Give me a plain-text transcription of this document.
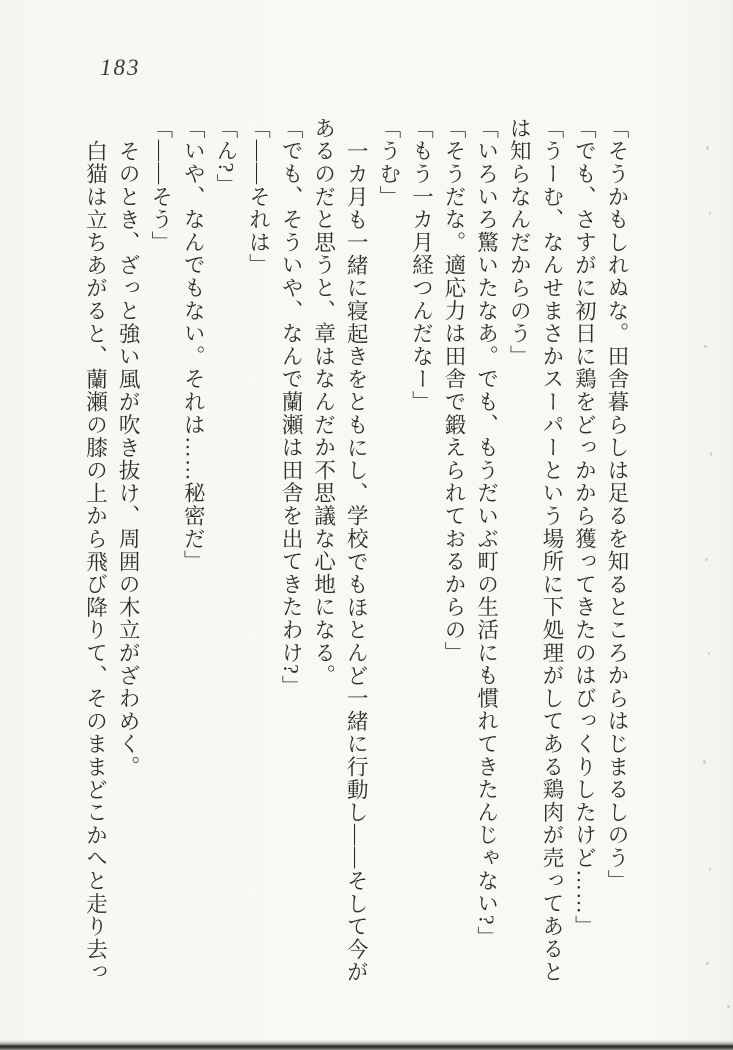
183

「そうかもしれぬな。田舎暮らしは足るを知るところからはじまるしのう」

「でも、さすがに初日に鶏をどっかから獲ってきたのはびっくりしたけど……」

「うーむ、なんせまさかスーパーという場所に下処理がしてある鶏肉が売ってあると

は知らなんだからのう」

「いろいろ驚いたなあ。でも、もうだいぶ町の生活にも慣れてきたんじゃない?」

「そうだな。適応力は田舎で鍛えられておるからの」

「もう一カ月経つんだなー」

「うむ」

一カ月も一緒に寝起きをともにし、学校でもほとんど一緒に行動し——そして今が

あるのだと思うと、章はなんだか不思議な心地になる。

「でも、そういや、なんで蘭瀬は田舎を出てきたわけ?」

「——それは」

「ん?」

「いや、なんでもない。それは……秘密だ」

「——そう」

そのとき、ざっと強い風が吹き抜け、周囲の木立がざわめく。

白猫は立ちあがると、蘭瀬の膝の上から飛び降りて、そのままどこかへと走り去っ
